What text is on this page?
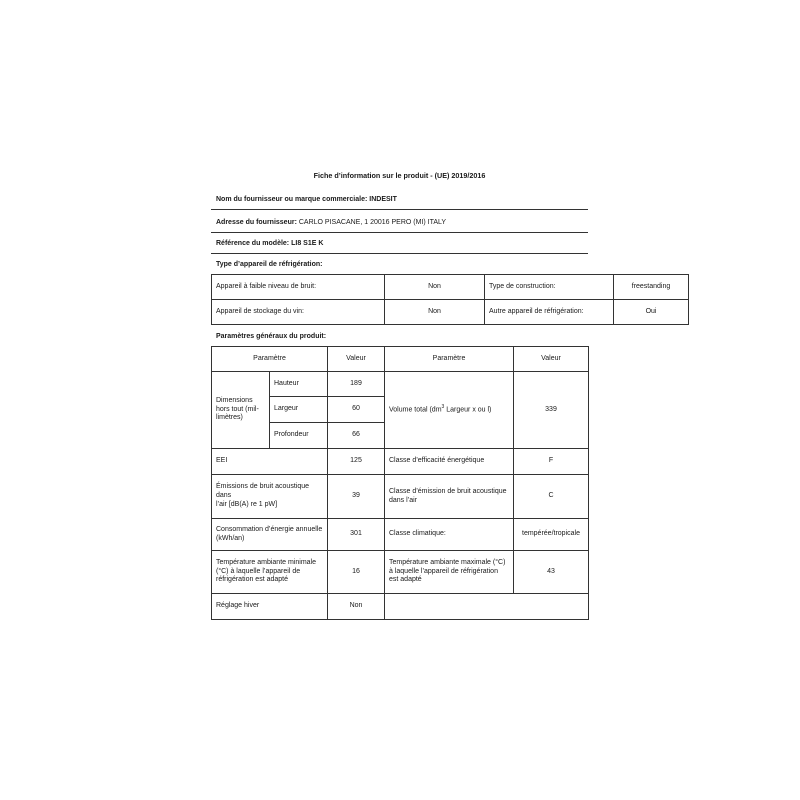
Fiche d’information sur le produit - (UE) 2019/2016
Nom du fournisseur ou marque commerciale: INDESIT
Adresse du fournisseur: CARLO PISACANE, 1 20016 PERO (MI) ITALY
Référence du modèle: LI8 S1E K
Type d’appareil de réfrigération:
Appareil à faible niveau de bruit:	Non	Type de construction:	freestanding
Appareil de stockage du vin:	Non	Autre appareil de réfrigération:	Oui
Paramètres généraux du produit:
Paramètre		Valeur	Paramètre	Valeur
Dimensions hors tout (mil-limètres)	Hauteur	189	Volume total ($dm^3$ Largeur x ou l)	339
	Largeur	60		
	Profondeur	66		
EEI		125	Classe d’efficacité énergétique	F
Émissions de bruit acoustique
dans
l’air [dB(A) re 1 pW]		39	Classe d’émission de bruit acoustique dans l’air	C
Consommation d’énergie annuelle (kWh/an)		301	Classe climatique:	tempérée/tropicale
Température ambiante minimale (°C) à laquelle l’appareil de réfrigération est adapté		16	Température ambiante maximale (°C) à laquelle l’appareil de réfrigération est adapté	43
Réglage hiver		Non		
